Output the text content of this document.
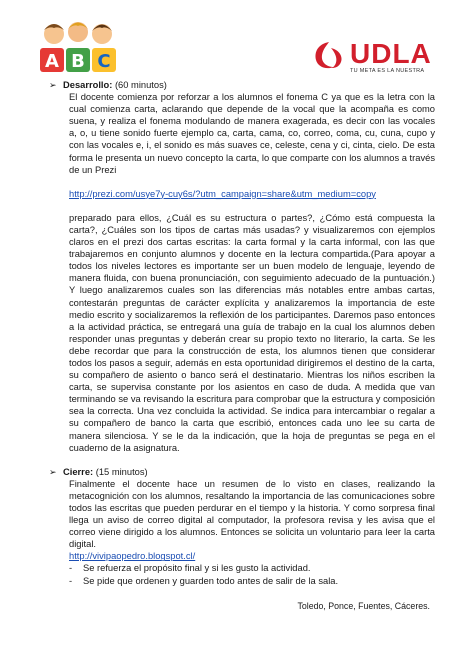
A B C	UDLA
TU META ES LA NUESTRA
➢ Desarrollo: (60 minutos)

El docente comienza por reforzar a los alumnos el fonema C ya que es la letra con la cual comienza carta, aclarando que depende de la vocal que la acompaña es como suena, y realiza el fonema modulando de manera exagerada, es decir con las vocales a, o, u tiene sonido fuerte ejemplo ca, carta, cama, co, correo, coma, cu, cuna, cupo y con las vocales e, i, el sonido es más suaves ce, celeste, cena y ci, cinta, cielo. De esta forma le presenta un nuevo concepto la carta, lo que comparte con los alumnos a través de un Prezi

http://prezi.com/usye7y-cuy6s/?utm_campaign=share&utm_medium=copy

preparado para ellos, ¿Cuál es su estructura o partes?, ¿Cómo está compuesta la carta?, ¿Cuáles son los tipos de cartas más usadas? y visualizaremos con ejemplos claros en el prezi dos cartas escritas: la carta formal y la carta informal, con las que trabajaremos en conjunto alumnos y docente en la lectura compartida.(Para apoyar a todos los niveles lectores es importante ser un buen modelo de lenguaje, leyendo de manera fluida, con buena pronunciación, con seguimiento adecuado de la puntuación.) Y luego analizaremos cuales son las diferencias más notables entre ambas cartas, contestarán preguntas de carácter explícita y analizaremos la importancia de este medio escrito y socializaremos la reflexión de los participantes. Daremos paso entonces a la actividad práctica, se entregará una guía de trabajo en la cual los alumnos deben responder unas preguntas y deberán crear su propio texto no literario, la carta. Se les debe recordar que para la construcción de esta, los alumnos tienen que considerar todos los pasos a seguir, además en esta oportunidad dirigiremos el destino de la carta, su compañero de asiento o banco será el destinatario. Mientras los niños escriben la carta, se supervisa constante por los asientos en caso de duda. A medida que van terminando se va revisando la escritura para comprobar que la estructura y composición sea la correcta. Una vez concluida la actividad. Se indica para intercambiar o regalar a su compañero de banco la carta que escribió, entonces cada uno lee su carta de manera silenciosa. Y se le da la indicación, que la hoja de preguntas se pega en el cuaderno de la asignatura.

➢ Cierre: (15 minutos)

Finalmente el docente hace un resumen de lo visto en clases, realizando la metacognición con los alumnos, resaltando la importancia de las comunicaciones sobre todos las escritas que pueden perdurar en el tiempo y la historia. Y como sorpresa final llega un aviso de correo digital al computador, la profesora revisa y les avisa que el correo viene dirigido a los alumnos. Entonces se solicita un voluntario para leer la carta digital.

http://vivipaopedro.blogspot.cl/

-	Se refuerza el propósito final y si les gusto la actividad.
-	Se pide que ordenen y guarden todo antes de salir de la sala.
Toledo, Ponce, Fuentes, Cáceres.
